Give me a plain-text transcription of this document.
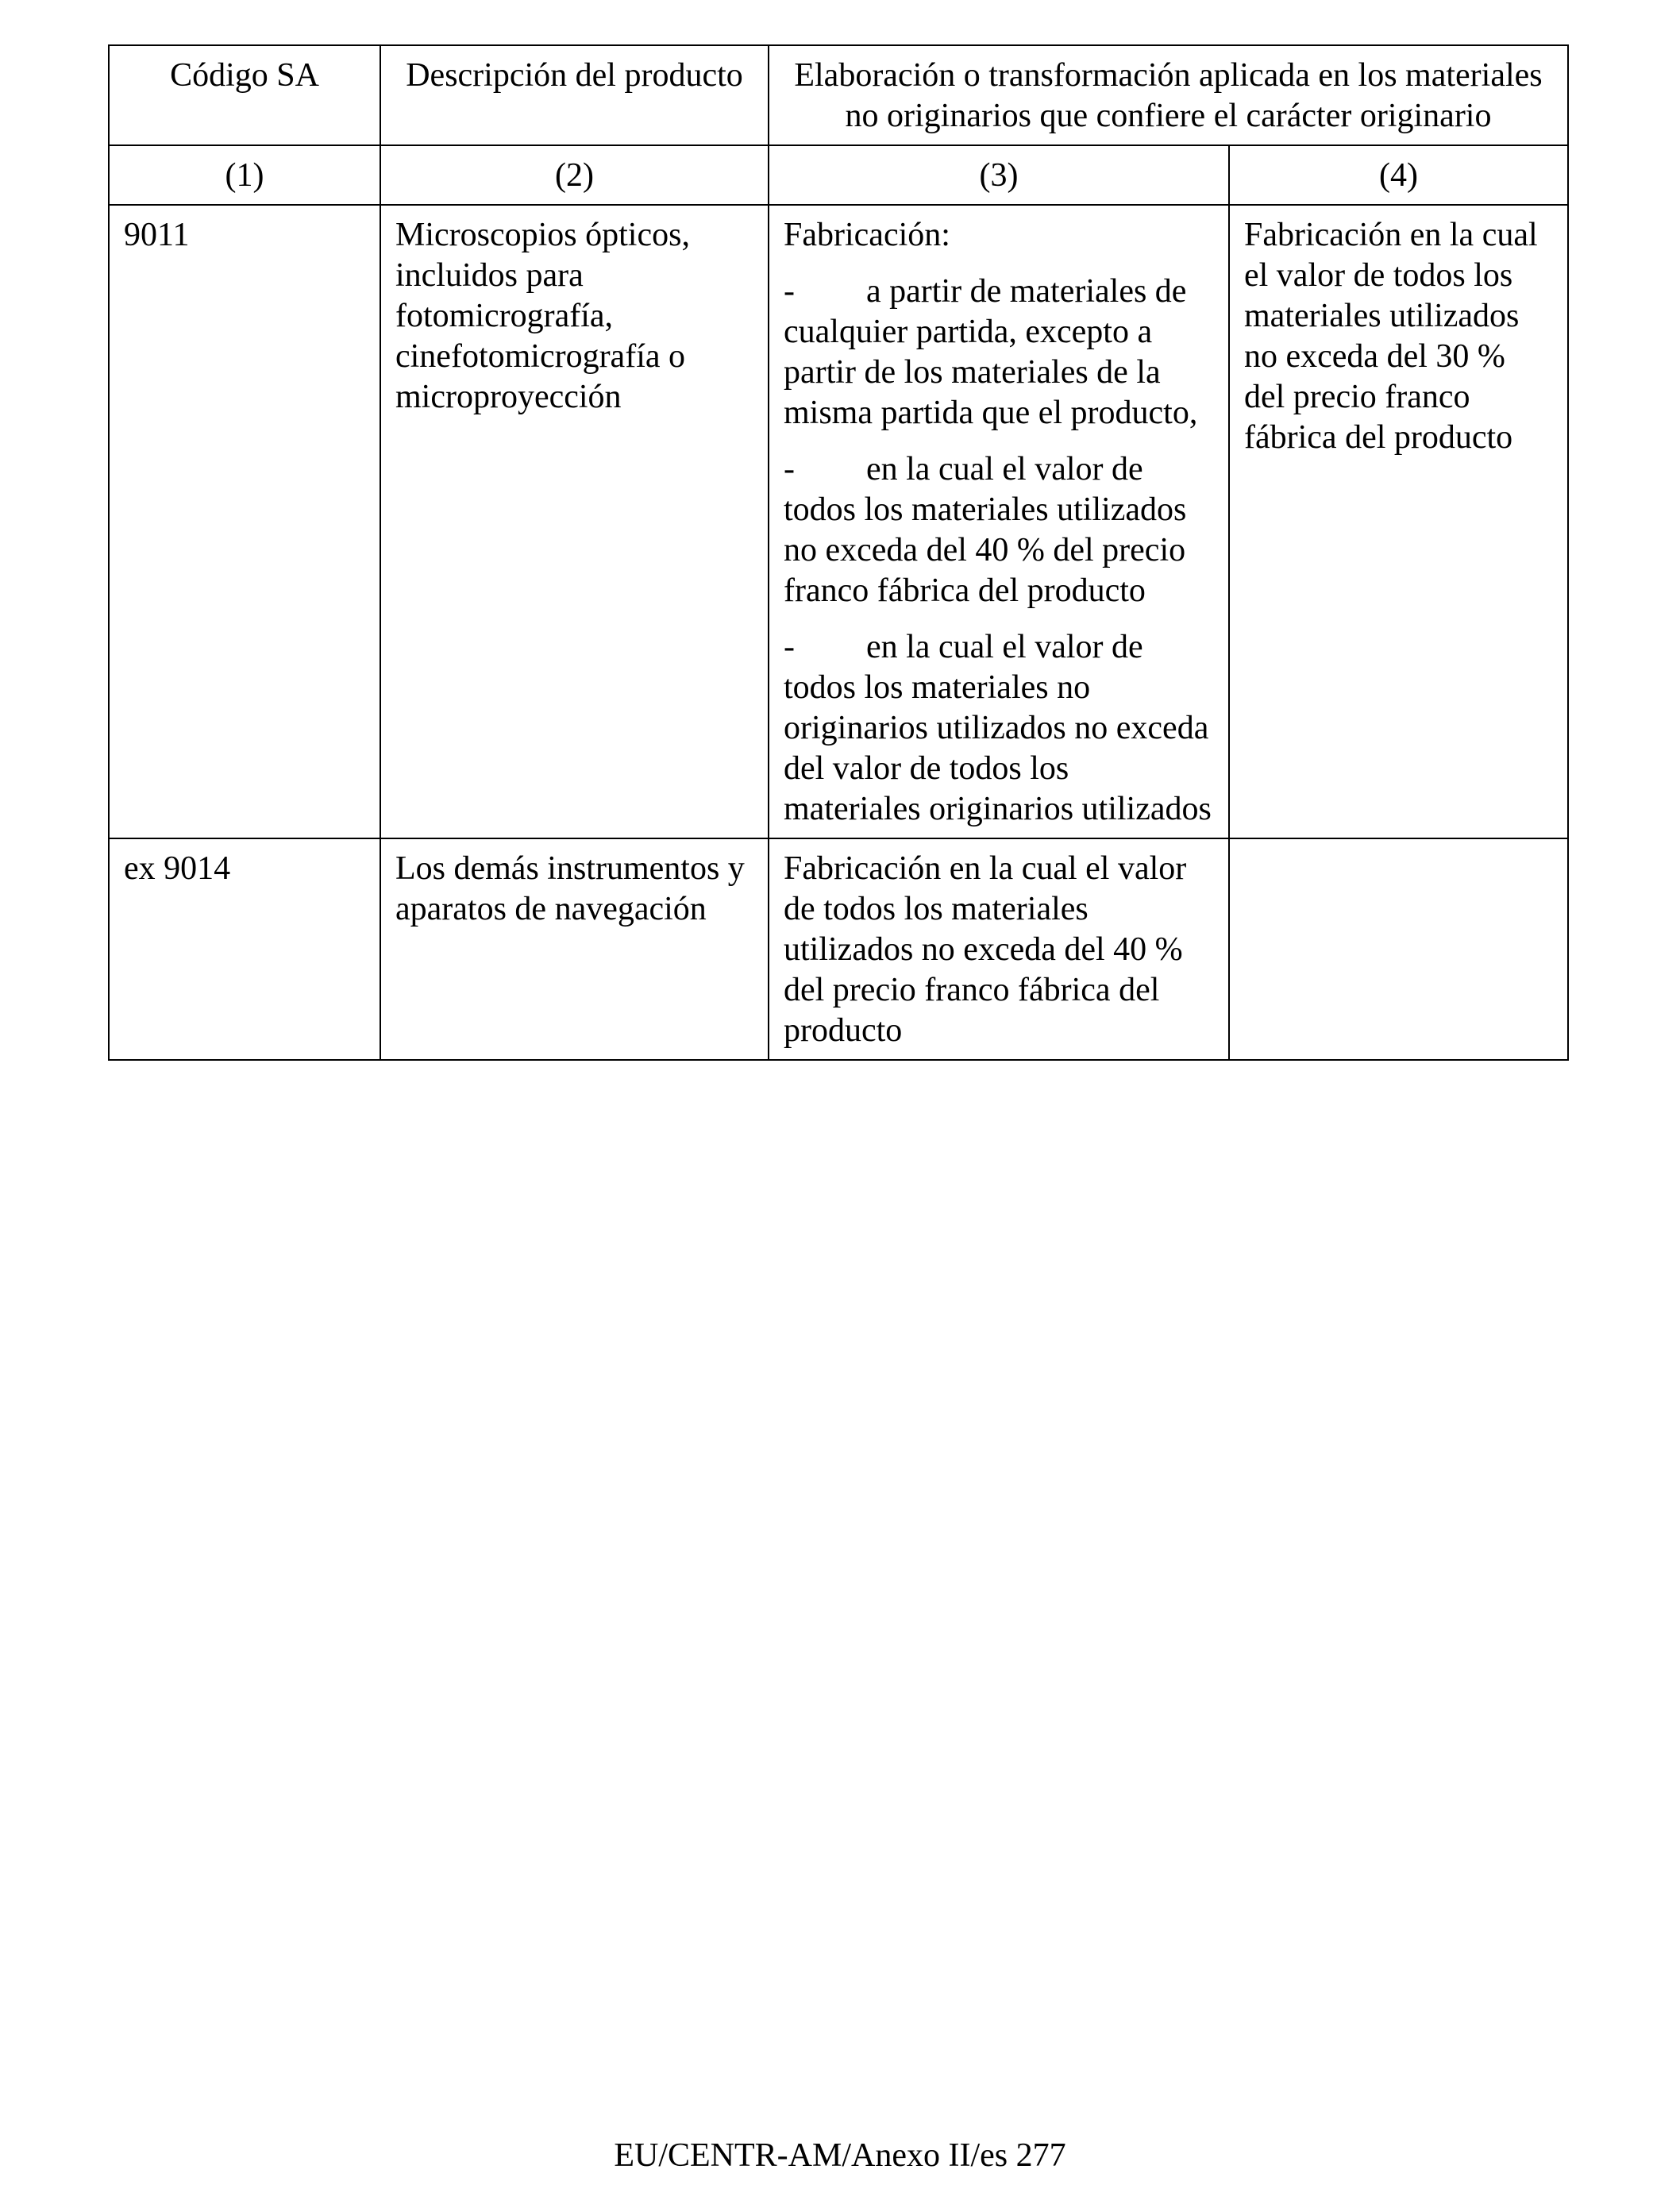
Código SA	Descripción del producto	Elaboración o transformación aplicada en los materiales no originarios que confiere el carácter originario	
(1)	(2)	(3)	(4)
9011	Microscopios ópticos, incluidos para fotomicrografía, cinefotomicrografía o microproyección	Fabricación:
- a partir de materiales de cualquier partida, excepto a partir de los materiales de la misma partida que el producto,
- en la cual el valor de todos los materiales utilizados no exceda del 40 % del precio franco fábrica del producto
- en la cual el valor de todos los materiales no originarios utilizados no exceda del valor de todos los materiales originarios utilizados	Fabricación en la cual el valor de todos los materiales utilizados no exceda del 30 % del precio franco fábrica del producto
ex 9014	Los demás instrumentos y aparatos de navegación	Fabricación en la cual el valor de todos los materiales utilizados no exceda del 40 % del precio franco fábrica del producto	
EU/CENTR-AM/Anexo II/es 277
